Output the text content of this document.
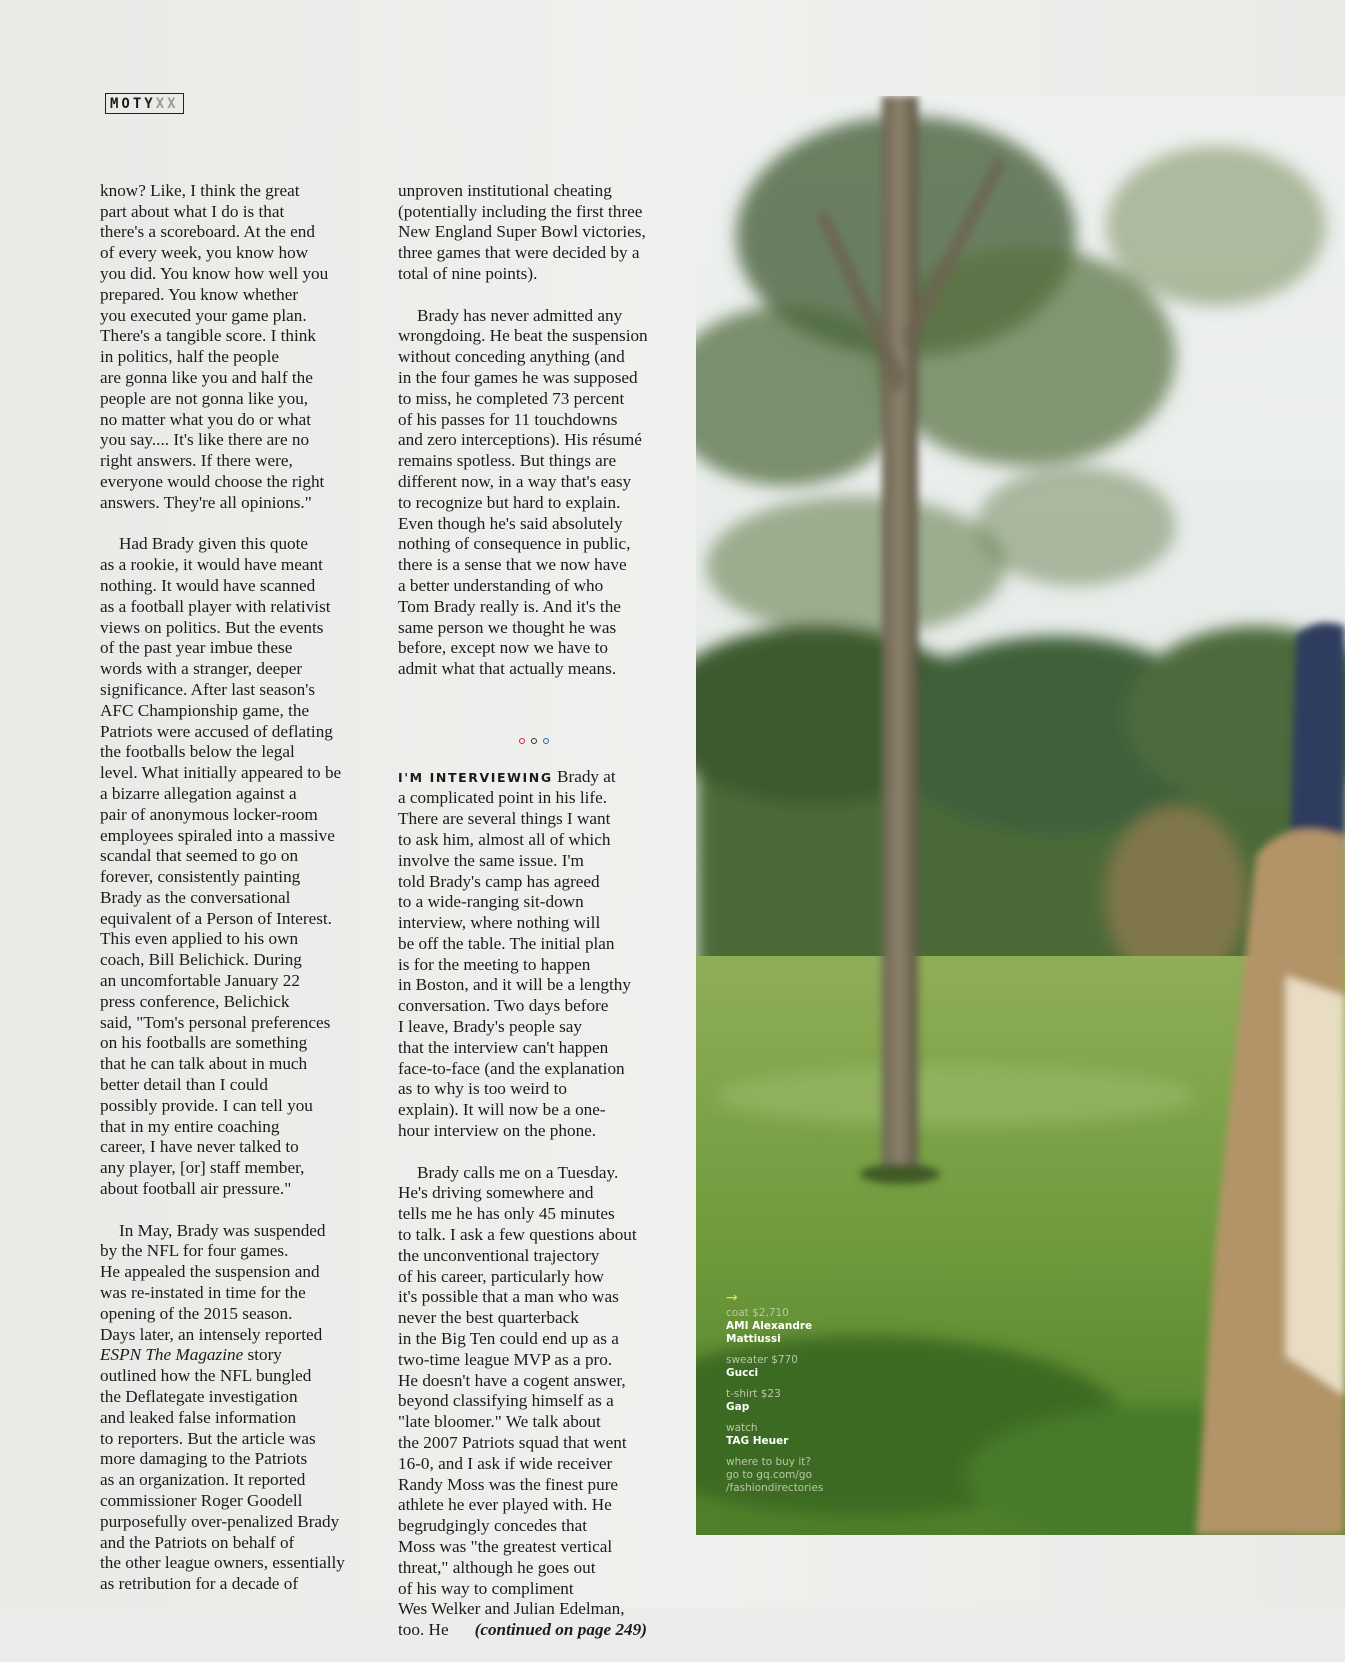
MOTYXX

know? Like, I think the great
part about what I do is that
there's a scoreboard. At the end
of every week, you know how
you did. You know how well you
prepared. You know whether
you executed your game plan.
There's a tangible score. I think
in politics, half the people
are gonna like you and half the
people are not gonna like you,
no matter what you do or what
you say.... It's like there are no
right answers. If there were,
everyone would choose the right
answers. They're all opinions."

Had Brady given this quote
as a rookie, it would have meant
nothing. It would have scanned
as a football player with relativist
views on politics. But the events
of the past year imbue these
words with a stranger, deeper
significance. After last season's
AFC Championship game, the
Patriots were accused of deflating
the footballs below the legal
level. What initially appeared to be
a bizarre allegation against a
pair of anonymous locker-room
employees spiraled into a massive
scandal that seemed to go on
forever, consistently painting
Brady as the conversational
equivalent of a Person of Interest.
This even applied to his own
coach, Bill Belichick. During
an uncomfortable January 22
press conference, Belichick
said, "Tom's personal preferences
on his footballs are something
that he can talk about in much
better detail than I could
possibly provide. I can tell you
that in my entire coaching
career, I have never talked to
any player, [or] staff member,
about football air pressure."

In May, Brady was suspended
by the NFL for four games.
He appealed the suspension and
was re-instated in time for the
opening of the 2015 season.
Days later, an intensely reported
ESPN The Magazine story
outlined how the NFL bungled
the Deflategate investigation
and leaked false information
to reporters. But the article was
more damaging to the Patriots
as an organization. It reported
commissioner Roger Goodell
purposefully over-penalized Brady
and the Patriots on behalf of
the other league owners, essentially
as retribution for a decade of

unproven institutional cheating
(potentially including the first three
New England Super Bowl victories,
three games that were decided by a
total of nine points).

Brady has never admitted any
wrongdoing. He beat the suspension
without conceding anything (and
in the four games he was supposed
to miss, he completed 73 percent
of his passes for 11 touchdowns
and zero interceptions). His résumé
remains spotless. But things are
different now, in a way that's easy
to recognize but hard to explain.
Even though he's said absolutely
nothing of consequence in public,
there is a sense that we now have
a better understanding of who
Tom Brady really is. And it's the
same person we thought he was
before, except now we have to
admit what that actually means.

I'M INTERVIEWING Brady at
a complicated point in his life.
There are several things I want
to ask him, almost all of which
involve the same issue. I'm
told Brady's camp has agreed
to a wide-ranging sit-down
interview, where nothing will
be off the table. The initial plan
is for the meeting to happen
in Boston, and it will be a lengthy
conversation. Two days before
I leave, Brady's people say
that the interview can't happen
face-to-face (and the explanation
as to why is too weird to
explain). It will now be a one-
hour interview on the phone.

Brady calls me on a Tuesday.
He's driving somewhere and
tells me he has only 45 minutes
to talk. I ask a few questions about
the unconventional trajectory
of his career, particularly how
it's possible that a man who was
never the best quarterback
in the Big Ten could end up as a
two-time league MVP as a pro.
He doesn't have a cogent answer,
beyond classifying himself as a
"late bloomer." We talk about
the 2007 Patriots squad that went
16-0, and I ask if wide receiver
Randy Moss was the finest pure
athlete he ever played with. He
begrudgingly concedes that
Moss was "the greatest vertical
threat," although he goes out
of his way to compliment
Wes Welker and Julian Edelman,
too. He (continued on page 249)

→
coat $2,710
AMI Alexandre Mattiussi
sweater $770
Gucci
t-shirt $23
Gap
watch
TAG Heuer
where to buy it?
go to gq.com/go
/fashiondirectories
